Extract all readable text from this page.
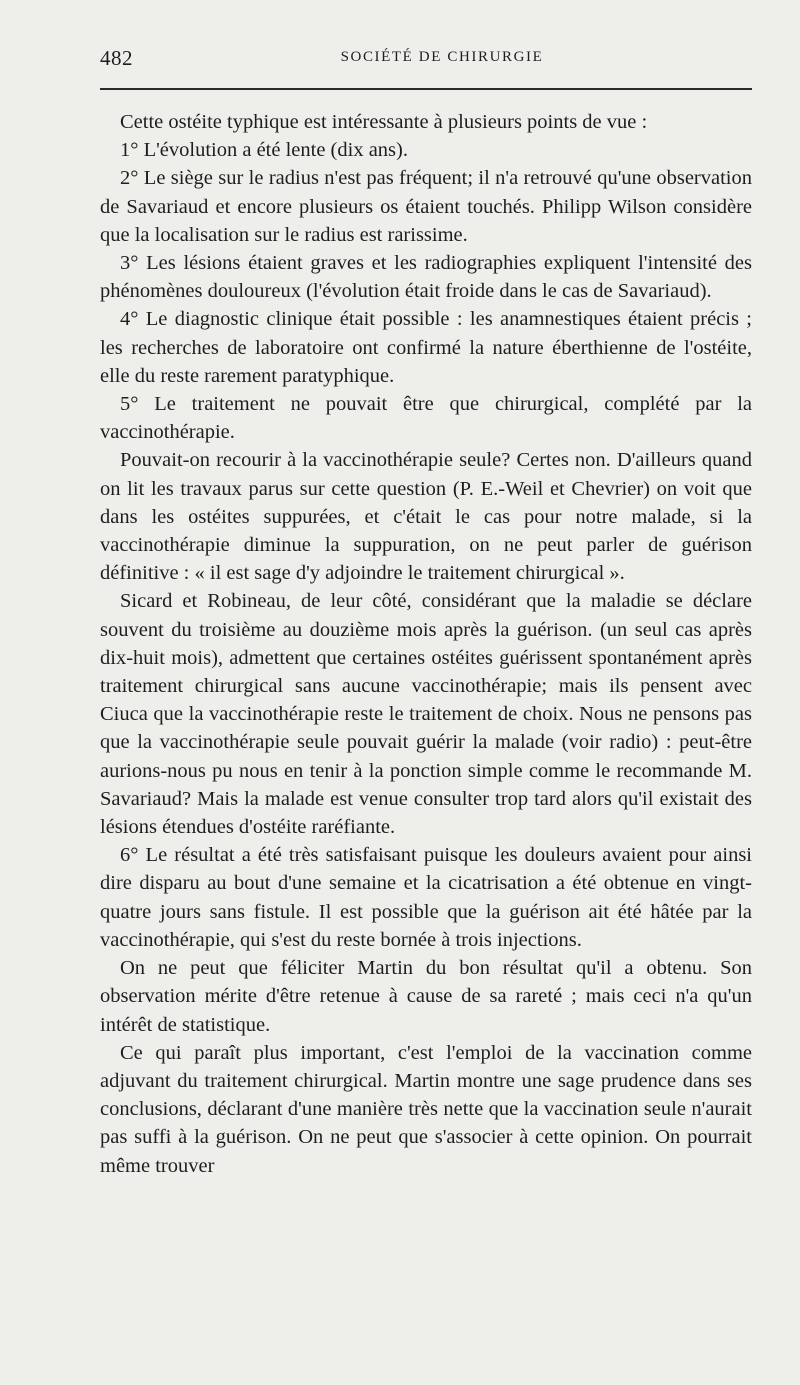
482	SOCIÉTÉ DE CHIRURGIE

Cette ostéite typhique est intéressante à plusieurs points de vue :

1° L'évolution a été lente (dix ans).

2° Le siège sur le radius n'est pas fréquent; il n'a retrouvé qu'une observation de Savariaud et encore plusieurs os étaient touchés. Philipp Wilson considère que la localisation sur le radius est rarissime.

3° Les lésions étaient graves et les radiographies expliquent l'intensité des phénomènes douloureux (l'évolution était froide dans le cas de Savariaud).

4° Le diagnostic clinique était possible : les anamnestiques étaient précis ; les recherches de laboratoire ont confirmé la nature éberthienne de l'ostéite, elle du reste rarement paratyphique.

5° Le traitement ne pouvait être que chirurgical, complété par la vaccinothérapie.

Pouvait-on recourir à la vaccinothérapie seule? Certes non. D'ailleurs quand on lit les travaux parus sur cette question (P. E.-Weil et Chevrier) on voit que dans les ostéites suppurées, et c'était le cas pour notre malade, si la vaccinothérapie diminue la suppuration, on ne peut parler de guérison définitive : « il est sage d'y adjoindre le traitement chirurgical ».

Sicard et Robineau, de leur côté, considérant que la maladie se déclare souvent du troisième au douzième mois après la guérison. (un seul cas après dix-huit mois), admettent que certaines ostéites guérissent spontanément après traitement chirurgical sans aucune vaccinothérapie; mais ils pensent avec Ciuca que la vaccinothérapie reste le traitement de choix. Nous ne pensons pas que la vaccinothérapie seule pouvait guérir la malade (voir radio) : peut-être aurions-nous pu nous en tenir à la ponction simple comme le recommande M. Savariaud? Mais la malade est venue consulter trop tard alors qu'il existait des lésions étendues d'ostéite raréfiante.

6° Le résultat a été très satisfaisant puisque les douleurs avaient pour ainsi dire disparu au bout d'une semaine et la cicatrisation a été obtenue en vingt-quatre jours sans fistule. Il est possible que la guérison ait été hâtée par la vaccinothérapie, qui s'est du reste bornée à trois injections.

On ne peut que féliciter Martin du bon résultat qu'il a obtenu. Son observation mérite d'être retenue à cause de sa rareté ; mais ceci n'a qu'un intérêt de statistique.

Ce qui paraît plus important, c'est l'emploi de la vaccination comme adjuvant du traitement chirurgical. Martin montre une sage prudence dans ses conclusions, déclarant d'une manière très nette que la vaccination seule n'aurait pas suffi à la guérison. On ne peut que s'associer à cette opinion. On pourrait même trouver
